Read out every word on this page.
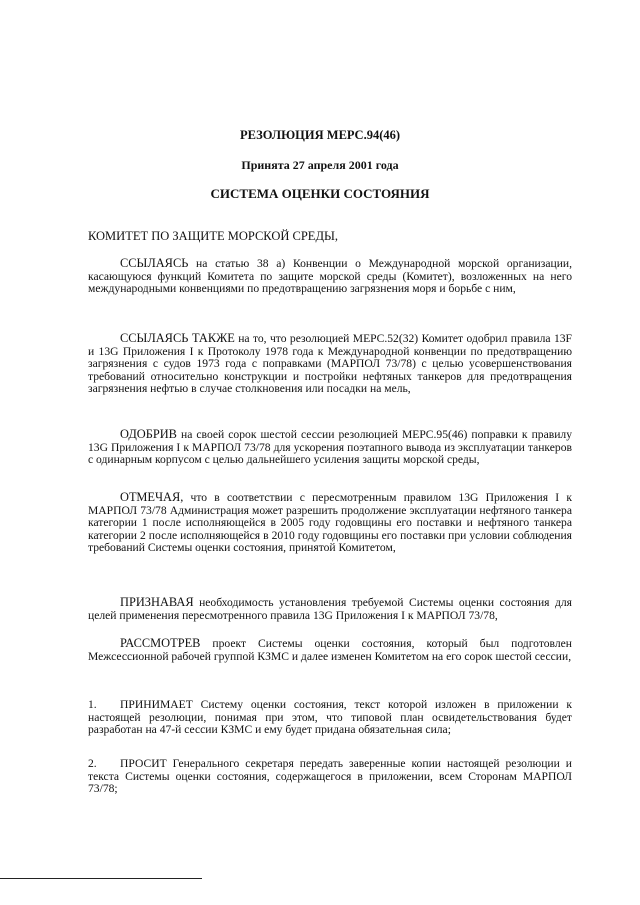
РЕЗОЛЮЦИЯ MEPC.94(46)
Принята 27 апреля 2001 года
СИСТЕМА ОЦЕНКИ СОСТОЯНИЯ
КОМИТЕТ ПО ЗАЩИТЕ МОРСКОЙ СРЕДЫ,
ССЫЛАЯСЬ на статью 38 а) Конвенции о Международной морской организации, касающуюся функций Комитета по защите морской среды (Комитет), возложенных на него международными конвенциями по предотвращению загрязнения моря и борьбе с ним,
ССЫЛАЯСЬ ТАКЖЕ на то, что резолюцией MEPC.52(32) Комитет одобрил правила 13F и 13G Приложения I к Протоколу 1978 года к Международной конвенции по предотвращению загрязнения с судов 1973 года с поправками (МАРПОЛ 73/78) с целью усовершенствования требований относительно конструкции и постройки нефтяных танкеров для предотвращения загрязнения нефтью в случае столкновения или посадки на мель,
ОДОБРИВ на своей сорок шестой сессии резолюцией MEPC.95(46) поправки к правилу 13G Приложения I к МАРПОЛ 73/78 для ускорения поэтапного вывода из эксплуатации танкеров с одинарным корпусом с целью дальнейшего усиления защиты морской среды,
ОТМЕЧАЯ, что в соответствии с пересмотренным правилом 13G Приложения I к МАРПОЛ 73/78 Администрация может разрешить продолжение эксплуатации нефтяного танкера категории 1 после исполняющейся в 2005 году годовщины его поставки и нефтяного танкера категории 2 после исполняющейся в 2010 году годовщины его поставки при условии соблюдения требований Системы оценки состояния, принятой Комитетом,
ПРИЗНАВАЯ необходимость установления требуемой Системы оценки состояния для целей применения пересмотренного правила 13G Приложения I к МАРПОЛ 73/78,
РАССМОТРЕВ проект Системы оценки состояния, который был подготовлен Межсессионной рабочей группой КЗМС и далее изменен Комитетом на его сорок шестой сессии,
1.	ПРИНИМАЕТ Систему оценки состояния, текст которой изложен в приложении к настоящей резолюции, понимая при этом, что типовой план освидетельствования будет разработан на 47-й сессии КЗМС и ему будет придана обязательная сила;
2.	ПРОСИТ Генерального секретаря передать заверенные копии настоящей резолюции и текста Системы оценки состояния, содержащегося в приложении, всем Сторонам МАРПОЛ 73/78;
